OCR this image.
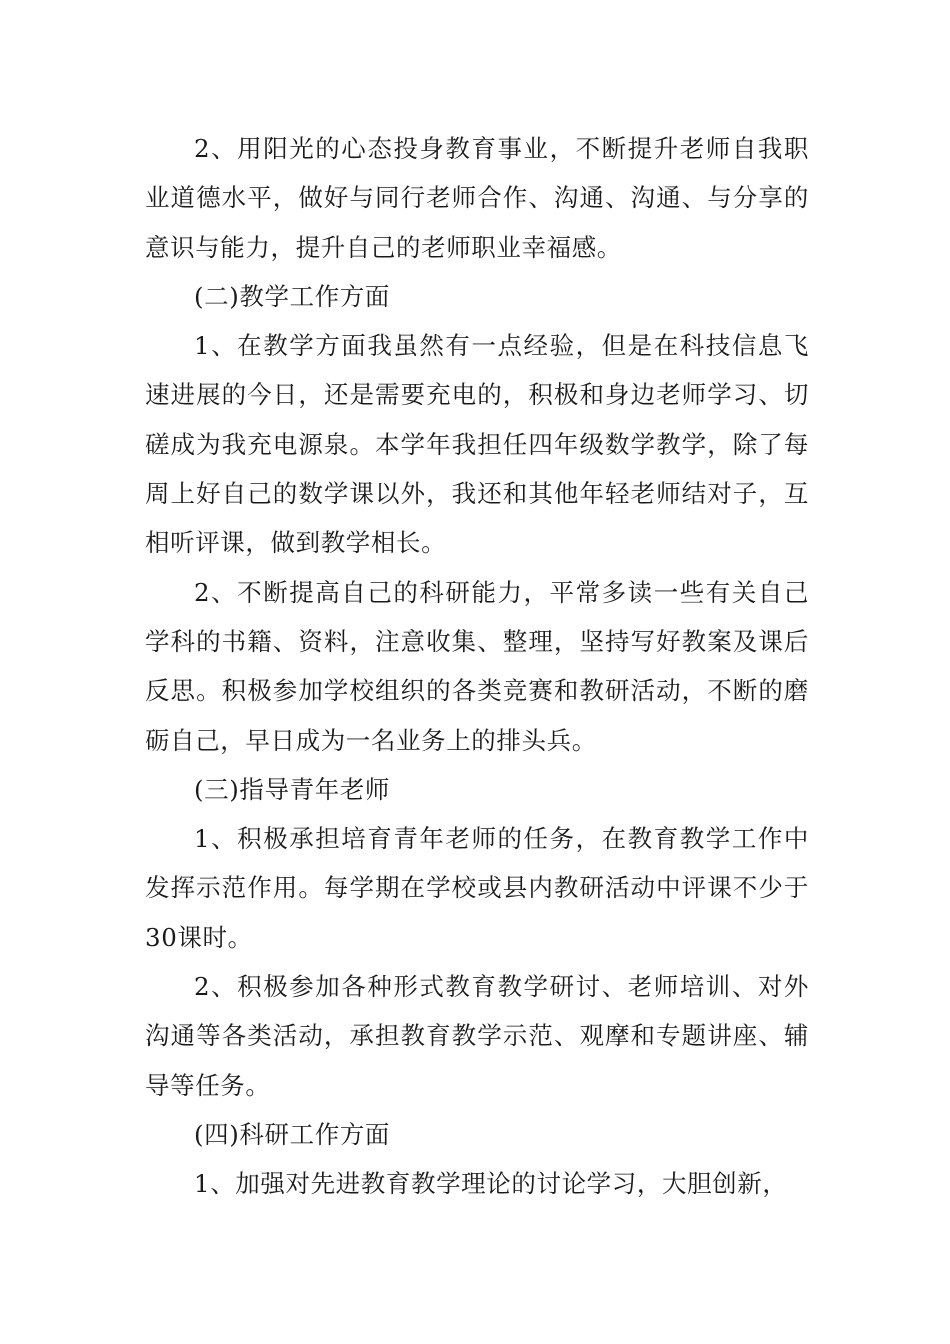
2、用阳光的心态投身教育事业，不断提升老师自我职业道德水平，做好与同行老师合作、沟通、沟通、与分享的意识与能力，提升自己的老师职业幸福感。

(二)教学工作方面

1、在教学方面我虽然有一点经验，但是在科技信息飞速进展的今日，还是需要充电的，积极和身边老师学习、切磋成为我充电源泉。本学年我担任四年级数学教学，除了每周上好自己的数学课以外，我还和其他年轻老师结对子，互相听评课，做到教学相长。

2、不断提高自己的科研能力，平常多读一些有关自己学科的书籍、资料，注意收集、整理，坚持写好教案及课后反思。积极参加学校组织的各类竞赛和教研活动，不断的磨砺自己，早日成为一名业务上的排头兵。

(三)指导青年老师

1、积极承担培育青年老师的任务，在教育教学工作中发挥示范作用。每学期在学校或县内教研活动中评课不少于30课时。

2、积极参加各种形式教育教学研讨、老师培训、对外沟通等各类活动，承担教育教学示范、观摩和专题讲座、辅导等任务。

(四)科研工作方面

1、加强对先进教育教学理论的讨论学习，大胆创新，
